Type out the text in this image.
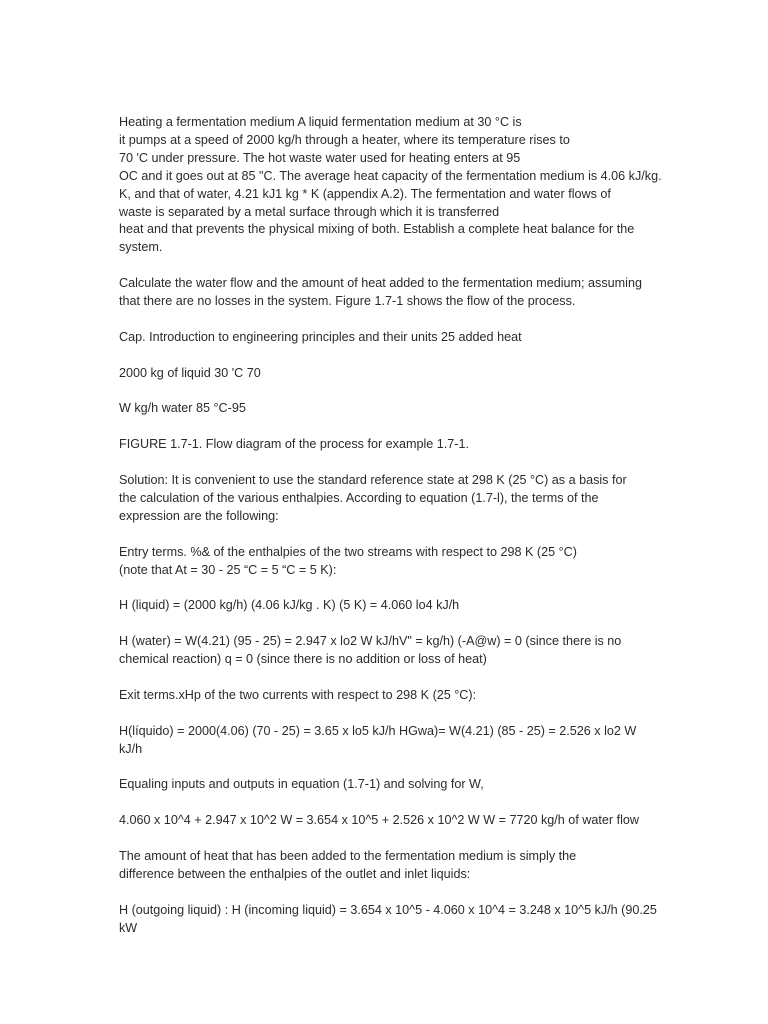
Heating a fermentation medium A liquid fermentation medium at 30 °C is
it pumps at a speed of 2000 kg/h through a heater, where its temperature rises to
70 'C under pressure. The hot waste water used for heating enters at 95
OC and it goes out at 85 "C. The average heat capacity of the fermentation medium is 4.06 kJ/kg.
K, and that of water, 4.21 kJ1 kg * K (appendix A.2). The fermentation and water flows of
waste is separated by a metal surface through which it is transferred
heat and that prevents the physical mixing of both. Establish a complete heat balance for the
system.
Calculate the water flow and the amount of heat added to the fermentation medium; assuming
that there are no losses in the system. Figure 1.7-1 shows the flow of the process.
Cap. Introduction to engineering principles and their units 25 added heat
2000 kg of liquid 30 'C 70
W kg/h water 85 °C-95
FIGURE 1.7-1. Flow diagram of the process for example 1.7-1.
Solution: It is convenient to use the standard reference state at 298 K (25 °C) as a basis for
the calculation of the various enthalpies. According to equation (1.7-l), the terms of the
expression are the following:
Entry terms. %& of the enthalpies of the two streams with respect to 298 K (25 °C)
(note that At = 30 - 25 “C = 5 “C = 5 K):
H (liquid) = (2000 kg/h) (4.06 kJ/kg . K) (5 K) = 4.060 lo4 kJ/h
H (water) = W(4.21) (95 - 25) = 2.947 x lo2 W kJ/hV" = kg/h) (-A@w) = 0 (since there is no
chemical reaction) q = 0 (since there is no addition or loss of heat)
Exit terms.xHp of the two currents with respect to 298 K (25 °C):
H(líquido) = 2000(4.06) (70 - 25) = 3.65 x lo5 kJ/h HGwa)= W(4.21) (85 - 25) = 2.526 x lo2 W
kJ/h
Equaling inputs and outputs in equation (1.7-1) and solving for W,
4.060 x 10^4 + 2.947 x 10^2 W = 3.654 x 10^5 + 2.526 x 10^2 W W = 7720 kg/h of water flow
The amount of heat that has been added to the fermentation medium is simply the
difference between the enthalpies of the outlet and inlet liquids:
H (outgoing liquid) : H (incoming liquid) = 3.654 x 10^5 - 4.060 x 10^4 = 3.248 x 10^5 kJ/h (90.25
kW
